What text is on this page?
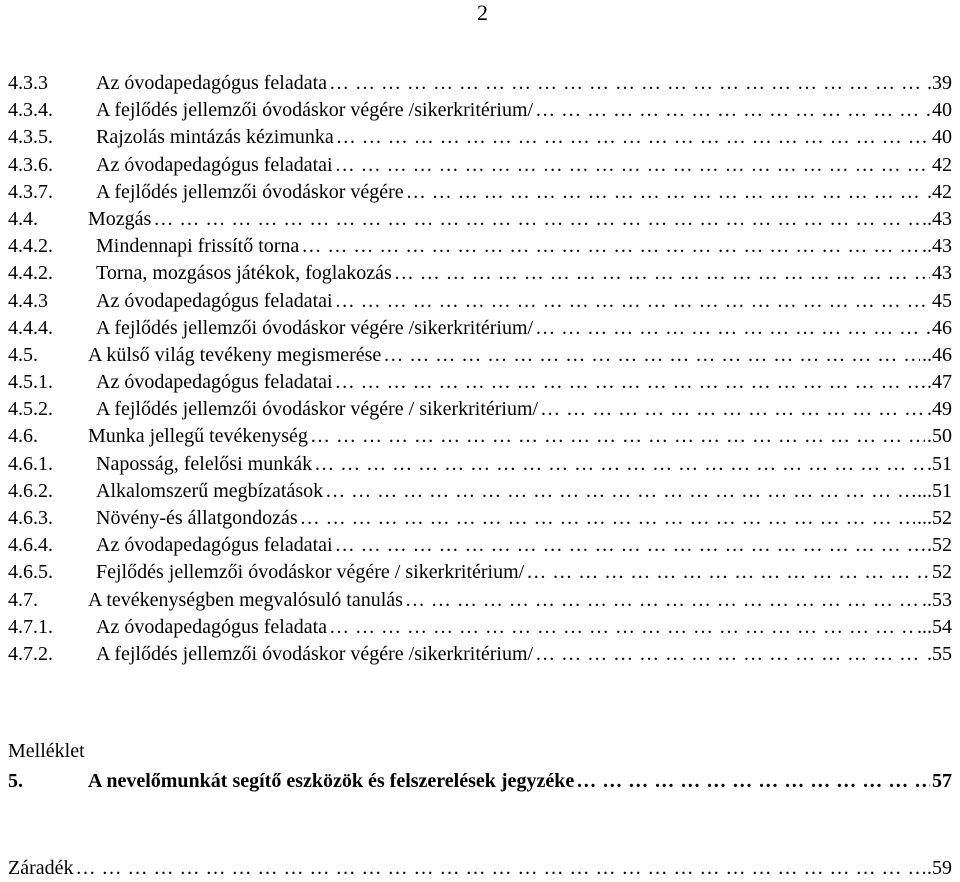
2
4.3.3	Az óvodapedagógus feladata …………………………………………………………………………………………………………………………………………………………………………	.39
4.3.4.	A fejlődés jellemzői óvodáskor végére /sikerkritérium/ …………………………………………………………………………………………………………………………………………………………………………	40
4.3.5.	Rajzolás mintázás kézimunka …………………………………………………………………………………………………………………………………………………………………………	40
4.3.6.	Az óvodapedagógus feladatai …………………………………………………………………………………………………………………………………………………………………………	42
4.3.7.	A fejlődés jellemzői óvodáskor végére …………………………………………………………………………………………………………………………………………………………………………	.42
4.4.	Mozgás …………………………………………………………………………………………………………………………………………………………………………	..43
4.4.2.	Mindennapi frissítő torna …………………………………………………………………………………………………………………………………………………………………………	..43
4.4.2.	Torna, mozgásos játékok, foglakozás …………………………………………………………………………………………………………………………………………………………………………	43
4.4.3	Az óvodapedagógus feladatai …………………………………………………………………………………………………………………………………………………………………………	45
4.4.4.	A fejlődés jellemzői óvodáskor végére /sikerkritérium/ …………………………………………………………………………………………………………………………………………………………………………	46
4.5.	A külső világ tevékeny megismerése …………………………………………………………………………………………………………………………………………………………………………	..46
4.5.1.	Az óvodapedagógus feladatai …………………………………………………………………………………………………………………………………………………………………………	.47
4.5.2.	A fejlődés jellemzői óvodáskor végére / sikerkritérium/ …………………………………………………………………………………………………………………………………………………………………………	.49
4.6.	Munka jellegű tevékenység …………………………………………………………………………………………………………………………………………………………………………	.50
4.6.1.	Naposság, felelősi munkák …………………………………………………………………………………………………………………………………………………………………………	.51
4.6.2.	Alkalomszerű megbízatások …………………………………………………………………………………………………………………………………………………………………………	...51
4.6.3.	Növény-és állatgondozás …………………………………………………………………………………………………………………………………………………………………………	...52
4.6.4.	Az óvodapedagógus feladatai …………………………………………………………………………………………………………………………………………………………………………	.52
4.6.5.	Fejlődés jellemzői óvodáskor végére / sikerkritérium/ …………………………………………………………………………………………………………………………………………………………………………	52
4.7.	A tevékenységben megvalósuló tanulás …………………………………………………………………………………………………………………………………………………………………………	..53
4.7.1.	Az óvodapedagógus feladata …………………………………………………………………………………………………………………………………………………………………………	...54
4.7.2.	A fejlődés jellemzői óvodáskor végére /sikerkritérium/ …………………………………………………………………………………………………………………………………………………………………………	.55
Melléklet
5.	A nevelőmunkát segítő eszközök és felszerelések jegyzéke …………………………………………………………………………………………………………………………………………………………………………	57
Záradék …………………………………………………………………………………………………………………………………………………………………………	.59
